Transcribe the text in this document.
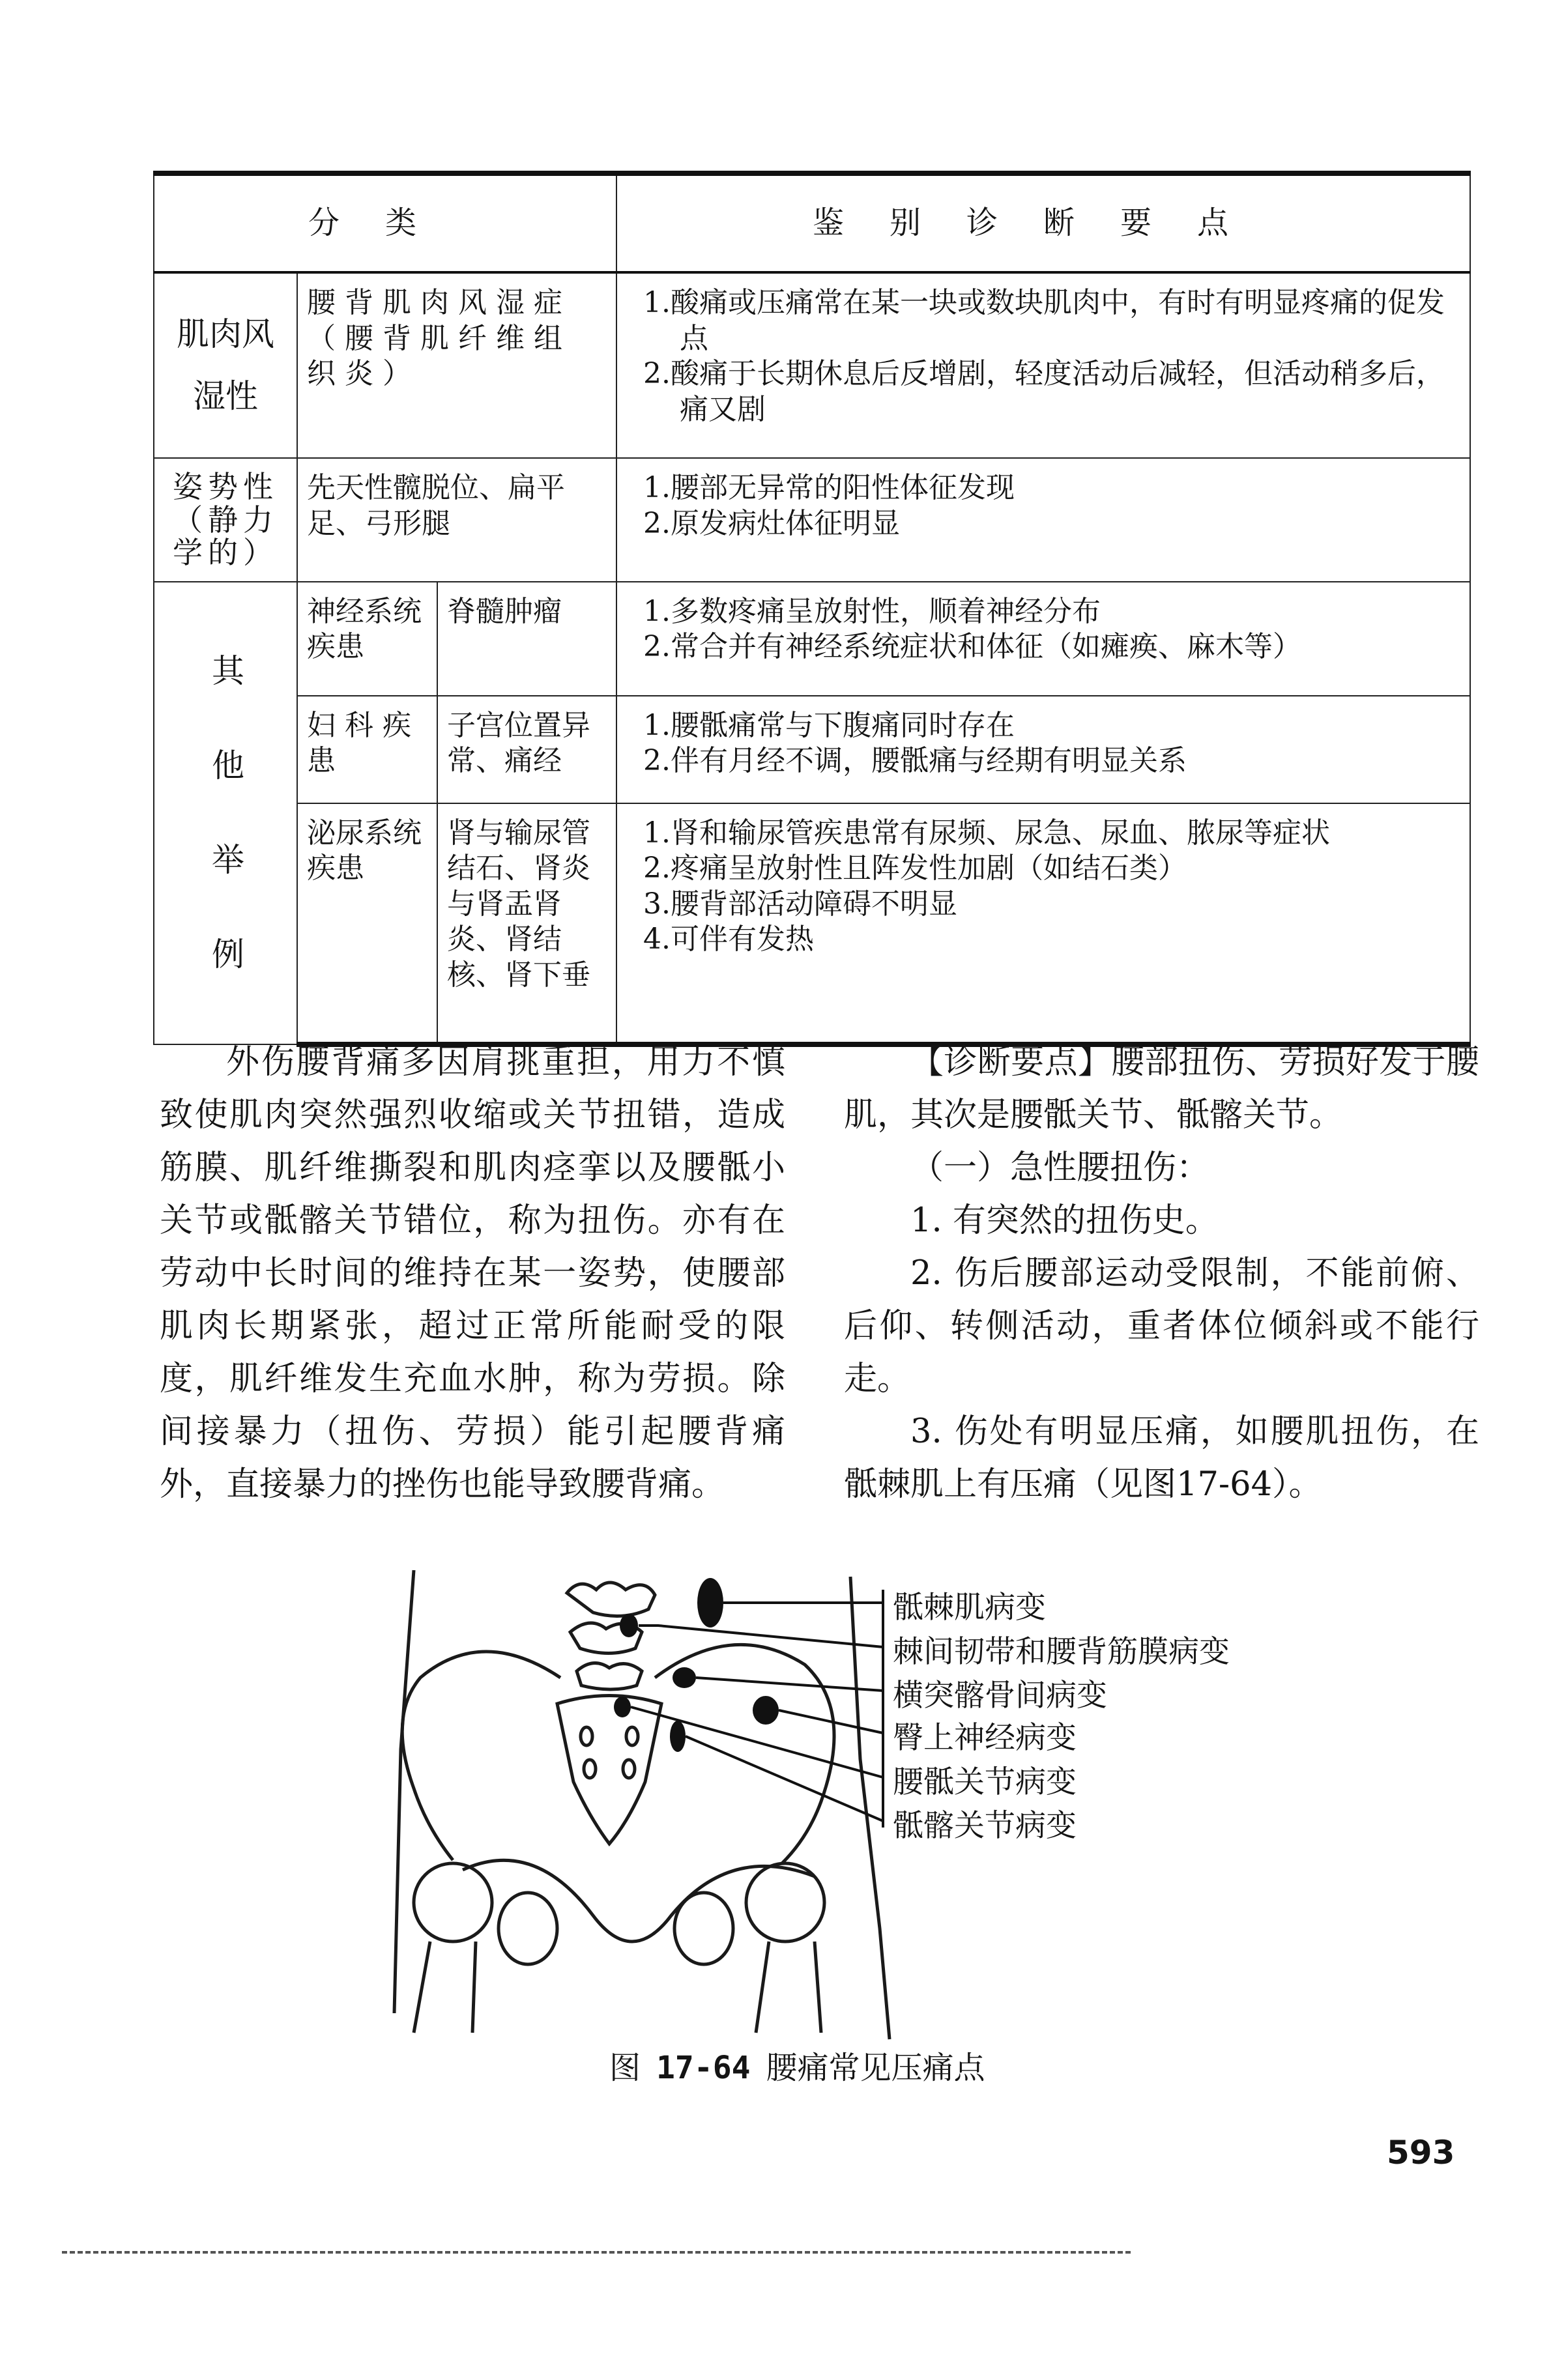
分类			鉴别诊断要点
肌肉风湿性	腰背肌肉风湿症（腰背肌纤维组织炎）		1.酸痛或压痛常在某一块或数块肌肉中，有时有明显疼痛的促发点
2.酸痛于长期休息后反增剧，轻度活动后减轻，但活动稍多后，痛又剧

姿势性（静力学的）	先天性髋脱位、扁平足、弓形腿		1.腰部无异常的阳性体征发现
2.原发病灶体征明显

其他举例	神经系统疾患	脊髓肿瘤	1.多数疼痛呈放射性，顺着神经分布
2.常合并有神经系统症状和体征（如瘫痪、麻木等）

	妇科疾患	子宫位置异常、痛经	1.腰骶痛常与下腹痛同时存在
2.伴有月经不调，腰骶痛与经期有明显关系

	泌尿系统疾患	肾与输尿管结石、肾炎与肾盂肾炎、肾结核、肾下垂	1.肾和输尿管疾患常有尿频、尿急、尿血、脓尿等症状
2.疼痛呈放射性且阵发性加剧（如结石类）
3.腰背部活动障碍不明显
4.可伴有发热

外伤腰背痛多因肩挑重担，用力不慎致使肌肉突然强烈收缩或关节扭错，造成筋膜、肌纤维撕裂和肌肉痉挛以及腰骶小关节或骶髂关节错位，称为扭伤。亦有在劳动中长时间的维持在某一姿势，使腰部肌肉长期紧张，超过正常所能耐受的限度，肌纤维发生充血水肿，称为劳损。除间接暴力（扭伤、劳损）能引起腰背痛外，直接暴力的挫伤也能导致腰背痛。

【诊断要点】腰部扭伤、劳损好发于腰肌，其次是腰骶关节、骶髂关节。

（一）急性腰扭伤：

1. 有突然的扭伤史。

2. 伤后腰部运动受限制，不能前俯、后仰、转侧活动，重者体位倾斜或不能行走。

3. 伤处有明显压痛，如腰肌扭伤，在骶棘肌上有压痛（见图17-64）。

骶棘肌病变
棘间韧带和腰背筋膜病变
横突髂骨间病变
臀上神经病变
腰骶关节病变
骶髂关节病变
图 17-64 腰痛常见压痛点
593
